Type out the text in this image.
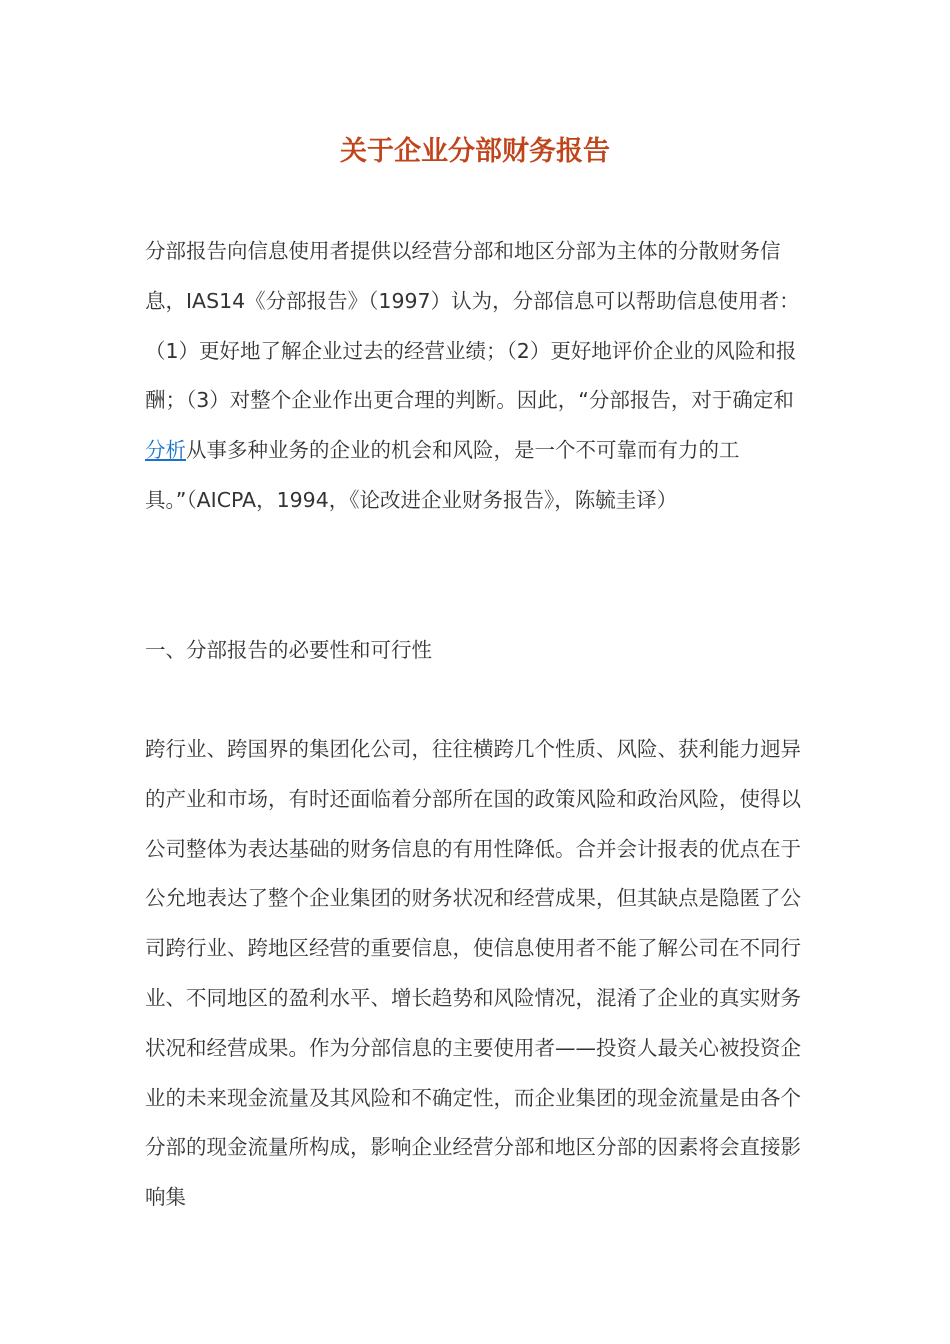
关于企业分部财务报告

分部报告向信息使用者提供以经营分部和地区分部为主体的分散财务信息，IAS14《分部报告》（1997）认为，分部信息可以帮助信息使用者：（1）更好地了解企业过去的经营业绩；（2）更好地评价企业的风险和报酬；（3）对整个企业作出更合理的判断。因此，“分部报告，对于确定和分析从事多种业务的企业的机会和风险，是一个不可靠而有力的工具。”（AICPA，1994，《论改进企业财务报告》，陈毓圭译）

一、分部报告的必要性和可行性

跨行业、跨国界的集团化公司，往往横跨几个性质、风险、获利能力迥异的产业和市场，有时还面临着分部所在国的政策风险和政治风险，使得以公司整体为表达基础的财务信息的有用性降低。合并会计报表的优点在于公允地表达了整个企业集团的财务状况和经营成果，但其缺点是隐匿了公司跨行业、跨地区经营的重要信息，使信息使用者不能了解公司在不同行业、不同地区的盈利水平、增长趋势和风险情况，混淆了企业的真实财务状况和经营成果。作为分部信息的主要使用者——投资人最关心被投资企业的未来现金流量及其风险和不确定性，而企业集团的现金流量是由各个分部的现金流量所构成，影响企业经营分部和地区分部的因素将会直接影响集
